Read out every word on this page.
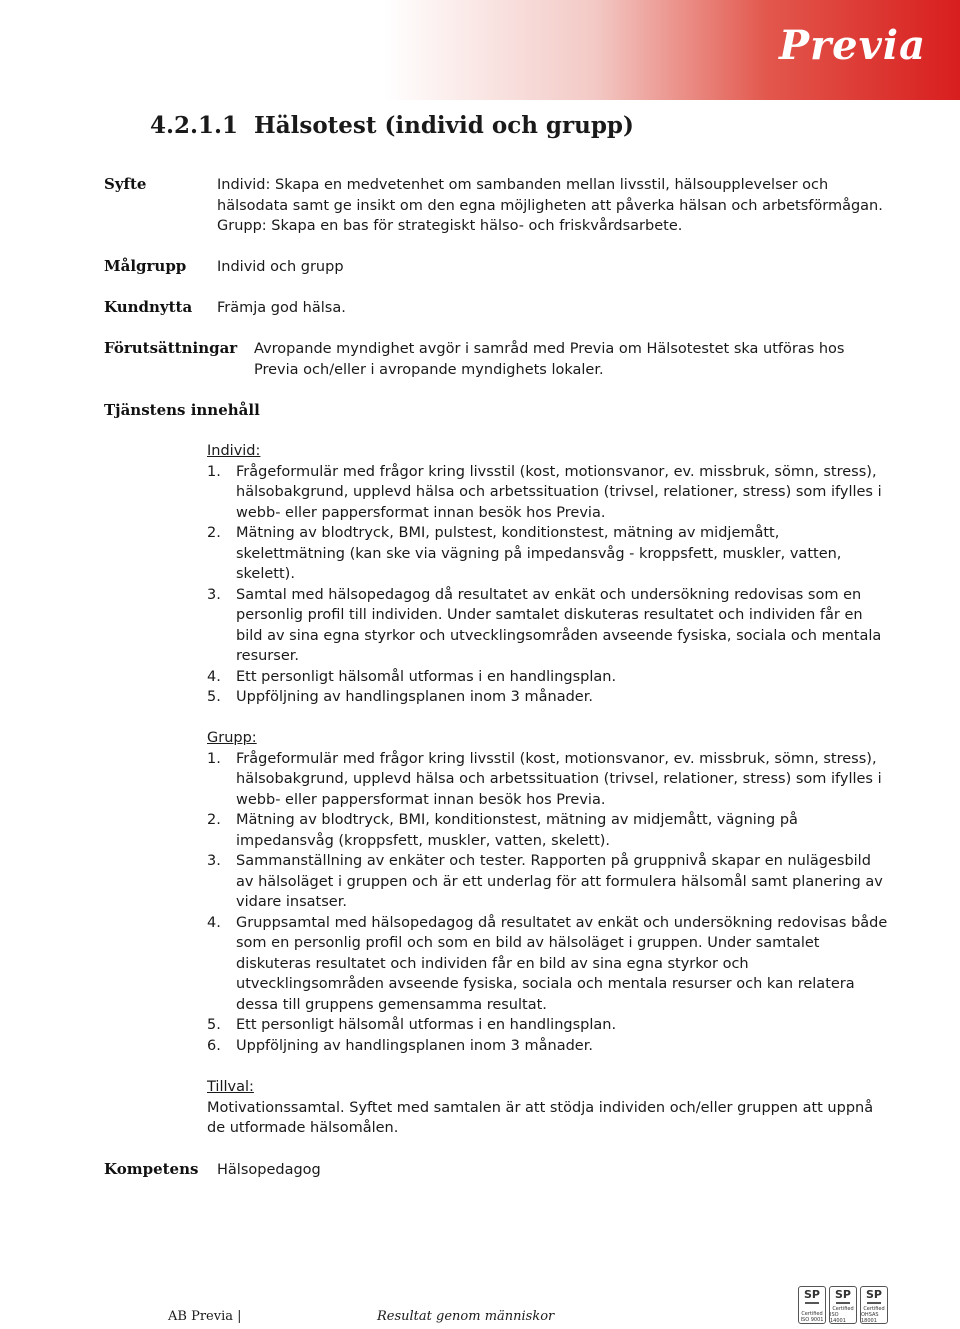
Previa
4.2.1.1 Hälsotest (individ och grupp)
Syfte	Individ: Skapa en medvetenhet om sambanden mellan livsstil, hälsoupplevelser och

hälsodata samt ge insikt om den egna möjligheten att påverka hälsan och arbetsförmågan.

Grupp: Skapa en bas för strategiskt hälso- och friskvårdsarbete.

Målgrupp Individ och grupp
Kundnytta Främja god hälsa.
Förutsättningar Avropande myndighet avgör i samråd med Previa om Hälsotestet ska utföras hos

Previa och/eller i avropande myndighets lokaler.

Tjänstens innehåll

Individ:

1. Frågeformulär med frågor kring livsstil (kost, motionsvanor, ev. missbruk, sömn, stress),
hälsobakgrund, upplevd hälsa och arbetssituation (trivsel, relationer, stress) som ifylles i
webb- eller pappersformat innan besök hos Previa.
2. Mätning av blodtryck, BMI, pulstest, konditionstest, mätning av midjemått,
skelettmätning (kan ske via vägning på impedansvåg - kroppsfett, muskler, vatten,
skelett).
3. Samtal med hälsopedagog då resultatet av enkät och undersökning redovisas som en
personlig profil till individen. Under samtalet diskuteras resultatet och individen får en
bild av sina egna styrkor och utvecklingsområden avseende fysiska, sociala och mentala
resurser.
4. Ett personligt hälsomål utformas i en handlingsplan.
5. Uppföljning av handlingsplanen inom 3 månader.

Grupp:

1. Frågeformulär med frågor kring livsstil (kost, motionsvanor, ev. missbruk, sömn, stress),
hälsobakgrund, upplevd hälsa och arbetssituation (trivsel, relationer, stress) som ifylles i
webb- eller pappersformat innan besök hos Previa.
2. Mätning av blodtryck, BMI, konditionstest, mätning av midjemått, vägning på
impedansvåg (kroppsfett, muskler, vatten, skelett).
3. Sammanställning av enkäter och tester. Rapporten på gruppnivå skapar en nulägesbild
av hälsoläget i gruppen och är ett underlag för att formulera hälsomål samt planering av
vidare insatser.
4. Gruppsamtal med hälsopedagog då resultatet av enkät och undersökning redovisas både
som en personlig profil och som en bild av hälsoläget i gruppen. Under samtalet
diskuteras resultatet och individen får en bild av sina egna styrkor och
utvecklingsområden avseende fysiska, sociala och mentala resurser och kan relatera
dessa till gruppens gemensamma resultat.
5. Ett personligt hälsomål utformas i en handlingsplan.
6. Uppföljning av handlingsplanen inom 3 månader.

Tillval:

Motivationssamtal. Syftet med samtalen är att stödja individen och/eller gruppen att uppnå

de utformade hälsomålen.

Kompetens Hälsopedagog
AB Previa |	Resultat genom människor
SP
Certified
ISO 9001
SP
Certified
ISO 14001
SP
Certified
OHSAS 18001
